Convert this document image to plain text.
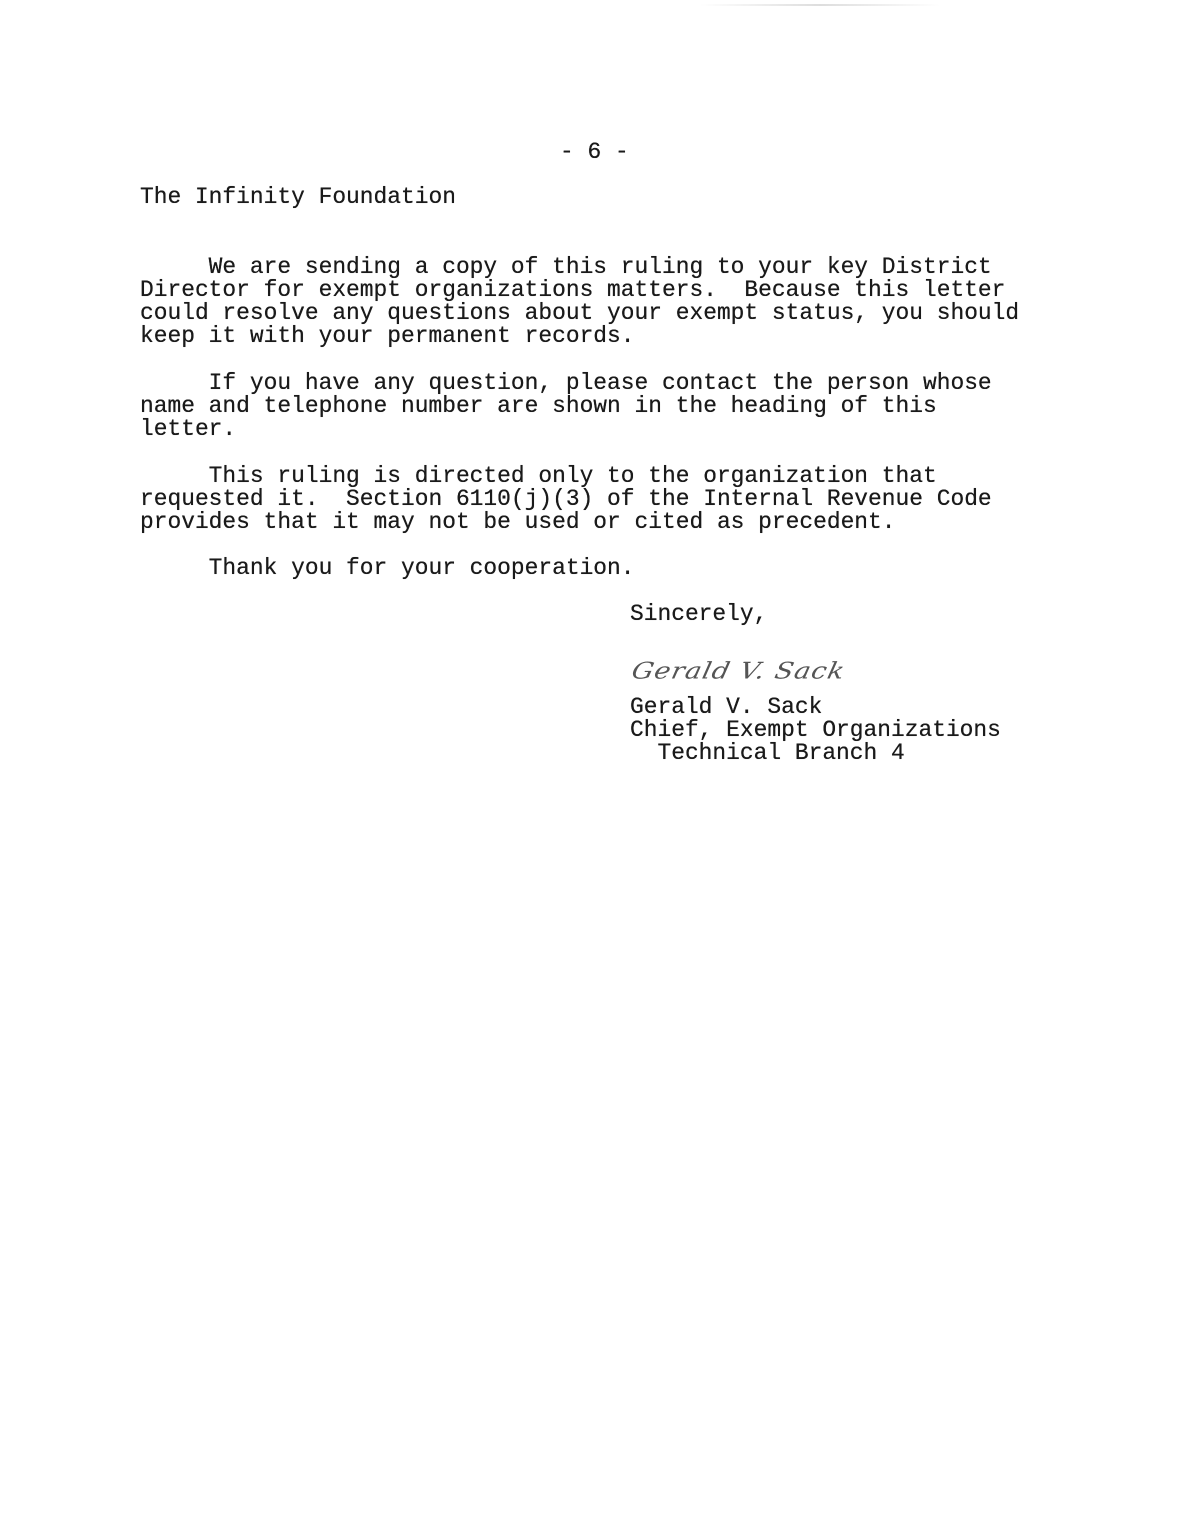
- 6 -
The Infinity Foundation
We are sending a copy of this ruling to your key District
Director for exempt organizations matters.  Because this letter
could resolve any questions about your exempt status, you should
keep it with your permanent records.
If you have any question, please contact the person whose
name and telephone number are shown in the heading of this
letter.
This ruling is directed only to the organization that
requested it.  Section 6110(j)(3) of the Internal Revenue Code
provides that it may not be used or cited as precedent.
Thank you for your cooperation.
Sincerely,
Gerald V. Sack
Gerald V. Sack
Chief, Exempt Organizations
Technical Branch 4
